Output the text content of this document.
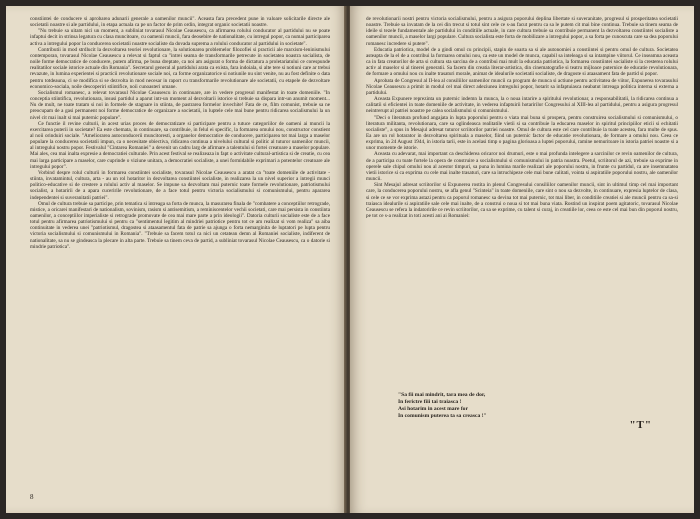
constiintei de conducere si aprobarea adunarii generale a oamenilor muncii". Aceasta fara precedent pune in valoare solicitarile directe ale societatii noastre si ale partidului, in etapa actuala ca pe un factor de prim ordin, integrat organic societatii noastre.

"Nu trebuie sa uitam nici un moment, a subliniat tovarasul Nicolae Ceausescu, ca afirmarea rolului conducator al partidului nu se poate infaptui decit in strinsa legatura cu clasa muncitoare, cu oamenii muncii, fara deosebire de nationalitate, cu intregul popor, ca numai participarea activa a intregului popor la conducerea societatii noastre socialiste da dovada suprema a rolului conducator al partidului in societate".

Contributii in mod strdlucit la dezvoltarea teoriei revolutionare, la solutionarea problemelor filozofiei si practicii ale marxism-leninismului contemporan, tovarasul Nicolae Ceausescu a relevat si faptul ca "intrei seama de transformarile petrecute in societatea noastra socialista, de noile forme democratice de conducere, putem afirma, pe buna dreptate, ca noi am asigurat o forma de dictatura a proletariatului ce corespunde realitatilor sociale istorice actuale din Romania". Secretarul general al partidului arata ca exista, fara indoiala, si alte tere si notiuni care ar trebui revazute, in lumina experientei si practicii revolutionare sociale noi, ca forme organizatorice si notiunile nu sint venite, nu au fost definite o data pentru totdeauna, ci se modifica si se dezvolta in mod necesar in raport cu transformarile revolutionare ale societatii, cu etapele de dezvoltare economico-sociala, noile descoperiri stiintifice, noii cunoasteri umane.

Socialismul romanesc, a relevat tovarasul Nicolae Ceausescu in continuare, are in vedere progresul manifestat in toate domeniile. "In conceptia stiintifica, revolutionara, insusi partidul a aparut intr-un moment al dezvoltarii istorice si trebuie sa dispara intr-un anumit moment... Nu de mult, ne toate tratam si noi in formele de stagnare in stiinta, de pastrarea formelor invechite! Fata de ce, film comunist, trebuie sa ne preocupam de a gasi permanent noi forme democratice de organizare a societatii, in luptele cele mai bune pentru ridicarea socialismului la un nivel cit mai inalt si mai puternic populare".

Ce functie il revine culturii, in acest urias proces de democratizare si participare pentru a tutuce categoriilor de oameni ai muncii la exercitarea puterii in societate? Ea este chemata, in continuare, sa contribuie, in felul ei specific, la formarea omului nou, constructor constient al noii orinduiri sociale. "Ameliorarea autoconducerii muncitoresti, a organelor democratice de conducere, participarea tot mai larga a maselor populare la conducerea societatii impun, ca o necesitate obiectiva, ridicarea continua a nivelului cultural si politic al tuturor oamenilor muncii, al intregului nostru popor. Festivalul "Cintarea Romaniei" a devenit un cadru larg de afirmare a talentului si fortei creatoare a maselor populare. Mai ales, cea mai inalta expresie a democratiei culturale. Prin acest festival se realizeaza in fapt o activitate cultural-artistica si de creatie, cu cea mai larga participare a maselor, care cuprinde o viziune unitara, a democratiei socialiste, a unei formidabile exprimari a potentelor creatoare ale intregului popor".

Vorbind despre rolul culturii in formarea constiintei socialiste, tovarasul Nicolae Ceausescu a aratat ca "toate domeniile de activitate - stiinta, invatamintul, cultura, arta - au un rol hotaritor in dezvoltarea constiintei socialiste, in realizarea la un nivel superior a intregii munci politico-educative si de crestere a rolului activ al maselor. Se impune sa dezvoltam mai puternic toate formele revolutionare, patriotismului socialist, a hotaririi de a apara cuceririle revolutionare, de a face totul pentru victoria socialismului si comunismului, pentru apararea independentei si suveranitatii patriei".

Omul de cultura trebuie sa participe, prin tematica si intreaga sa forta de munca, la masurarea finala de "combatere a conceptiilor retrograde, mistice, a oricarei manifestari de nationalism, sovinism, rasism si antisemitism, a reminiscentelor vechii societati, care mai persista in constiinta oamenilor, a conceptiilor imperialiste si retrograde promovate de cea mai mare parte a prin ideologii". Datoria culturii socialiste este de a face totul pentru afirmarea patriotismului si pentru ca "sentimentul legitim al mindriei patriotice pentru tot ce am realizat si vom realiza" sa aiba continuitate in vederea unei "patriotismul, dragostea si ataasamentul fata de patrie sa ajunga o forta nemarginita de luptatori pe lupta pentru victoria socialismului si comunismului in Romania". "Trebuie sa facem totul ca nici un cetatean demn al Romaniei socialiste, indiferent de nationalitate, sa nu se gindeasca la plecare in alta parte. Trebuie sa tinem ceva de partid, a subliniat tovarasul Nicolae Ceausescu, ca o datorie si mindrie patriotica".

8

de revolutionarii nostri pentru victoria socialismului, pentru a asigura poporului deplina libertate si suveranitate, progresul si prosperitatea societatii noastre. Trebuie sa invatam de la cei din trecut si totul sint cele ce s-au facut pentru ca sa le putem cit mai bine continua. Trebuie sa tinem seama de ideile si tezele fundamentale ale partidului in conditiile actuale, in care cultura trebuie sa contribuie permanent la dezvoltarea constiintei socialiste a oamenilor muncii, a maselor largi populare. Cultura socialista este forta de mobilizare a intregului popor, a sa forta pe cunoscuta care sa dea poporului romanesc incredere si putere".

Educatia patriotica, model de a gindi omul cu principii, stapin de soarta sa si ale autonomiei a constiintei si pentru omul de cultura. Societatea asteapta de la el de a contribui la formarea omului nou, ca este un model de munca, capabil sa inteleaga si sa intampine viitorul. Ce inseamna aceasta ca in fata creatorilor de arta si cultura sta sarcina de a contribui mai mult la educatia patriotica, la formarea constiintei socialiste si la cresterea rolului activ al maselor si al tinerei generatii. Sa facem din creatia literar-artistica, din cinematografie si teatru mijloace puternice de educatie revolutionara, de formare a omului nou cu inalte trasaturi morale, animat de idealurile societatii socialiste, de dragoste si ataasament fata de partid si popor.

Aprobata de Congresul al II-lea al consiliilor oamenilor muncii ca program de munca si actiune pentru activitatea de viitor, Expunerea tovarasului Nicolae Ceausescu a primit in modul cel mai direct adeziunea intregului popor, hotarit sa infaptuiasca neabatut intreaga politica interna si externa a partidului.

Aceasta Expunere reprezinta un puternic indemn la munca, la o noua intarire a spiritului revolutionar, a responsabilitatii, la ridicarea continua a calitatii si eficientei in toate domeniile de activitate, in vederea infaptuirii hotaririlor Congresului al XIII-lea al partidului, pentru a asigura progresul neintrerupt al patriei noastre pe calea socialismului si comunismului.

"Deci o literatura profund angajata in lupta poporului pentru o viata mai buna si prospera, pentru construirea socialismului si comunismului, o literatura militanta, revolutionara, care sa oglindeasca realitatile vietii si sa contribuie la educarea maselor in spiritul principiilor eticii si echitatii socialiste", a spus in Mesajul adresat tuturor scriitorilor patriei noastre. Omul de cultura este cel care contribuie la toate acestea, fara multe de spus. Ea are un rol hotarator in dezvoltarea spirituala a maselor, fiind un puternic factor de educatie revolutionara, de formare a omului nou. Ceea ce exprima, in 24 August 1944, in istoria tarii, este in acelasi timp o pagina glorioasa a luptei poporului, ramine nemuritoare in istoria patriei noastre si a unor momente de istorie.

Aceasta cu adevarat, mai important ca deschiderea oricaror noi drumuri, este o mai profunda intelegere a sarcinilor ce revin oamenilor de cultura, de a participa cu toate fortele la opera de construire a socialismului si comunismului in patria noastra. Poetul, scriitorul de azi, trebuie sa exprime in operele sale chipul omului nou al acestor timpuri, sa puna in lumina marile realizari ale poporului nostru, in frunte cu partidul, ca are insemnatatea vietii istorice si ca exprima cu cele mai inalte trasaturi, care sa intruchipeze cele mai bune calitati, vointa si aspiratiile poporului nostru, ale oamenilor muncii.

Sint Mesajul adresat scriitorilor si Expunerea rostita in plenul Congresului consiliilor oamenilor muncii, sint in ultimul timp cel mai important care, la conducerea poporului nostru, se afla genul "Scinteia" in toate domeniile, care sint o nou sa dezvolte, in continuare, expresia luptelor de clasa, si cele ce se vor exprima astazi pentru ca poporul romanesc sa devina tot mai puternic, tot mai liber, in conditiile creatiei si ale muncii pentru ca sa-si traiasca idealurile si aspiratiile sale cele mai inalte, de a construi o noua si tot mai buna viata. Rostind un inspirat poem agitatoric, tovarasul Nicolae Ceausescu se refera la indatoririle ce revin scriitorilor, ca sa se exprime, cu talent si curaj, in creatiile lor, ceea ce este cel mai bun din poporul nostru, pe tot ce s-a realizat in toti acesti ani ai Romaniei:

"Sa fii mai mindrit, tara mea de dor,
In ferictre fiii tai traiasca !
Asi hotarim in acest mare for
In comunism puterea ta sa creasca !"
"T"
